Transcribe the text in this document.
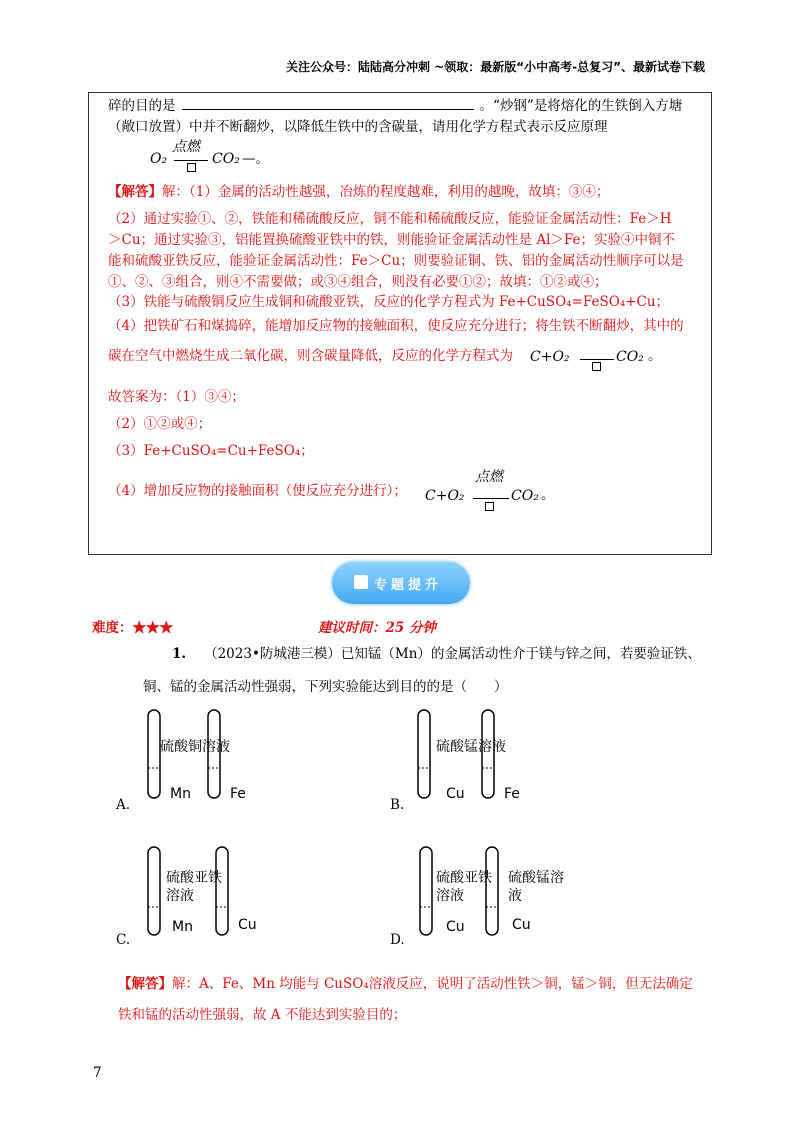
关注公众号：陆陆高分冲刺 ~领取：最新版“小中高考-总复习”、最新试卷下载
碎的目的是	。“炒钢”是将熔化的生铁倒入方塘
（敞口放置）中并不断翻炒，以降低生铁中的含碳量，请用化学方程式表示反应原理
点燃
O₂	CO₂ —。
【解答】解：（1）金属的活动性越强，冶炼的程度越难，利用的越晚，故填：③④；
（2）通过实验①、②，铁能和稀硫酸反应，铜不能和稀硫酸反应，能验证金属活动性：Fe＞H
＞Cu；通过实验③，铝能置换硫酸亚铁中的铁，则能验证金属活动性是 Al＞Fe；实验④中铜不
能和硫酸亚铁反应，能验证金属活动性：Fe＞Cu；则要验证铜、铁、铝的金属活动性顺序可以是
①、②、③组合，则④不需要做；或③④组合，则没有必要①②；故填：①②或④；
（3）铁能与硫酸铜反应生成铜和硫酸亚铁，反应的化学方程式为 Fe+CuSO₄=FeSO₄+Cu；
（4）把铁矿石和煤捣碎，能增加反应物的接触面积，使反应充分进行；将生铁不断翻炒，其中的
碳在空气中燃烧生成二氧化碳，则含碳量降低，反应的化学方程式为 C+O₂	CO₂ 。
故答案为：（1）③④；
（2）①②或④；
（3）Fe+CuSO₄=Cu+FeSO₄；
（4）增加反应物的接触面积（使反应充分进行）；
点燃
C+O₂	CO₂ 。
专题提升
难度：★★★	建议时间：25 分钟
1. （2023•防城港三模）已知锰（Mn）的金属活动性介于镁与锌之间，若要验证铁、
铜、锰的金属活动性强弱，下列实验能达到目的的是（　　）
硫酸铜溶液
Mn	Fe
A.
硫酸锰溶液
Cu	Fe
B.
硫酸亚铁溶液
Mn	Cu
C.
硫酸亚铁溶液
硫酸锰溶液
Cu	Cu
D.
【解答】解：A、Fe、Mn 均能与 CuSO₄溶液反应，说明了活动性铁＞铜，锰＞铜，但无法确定
铁和锰的活动性强弱，故 A 不能达到实验目的；
7
